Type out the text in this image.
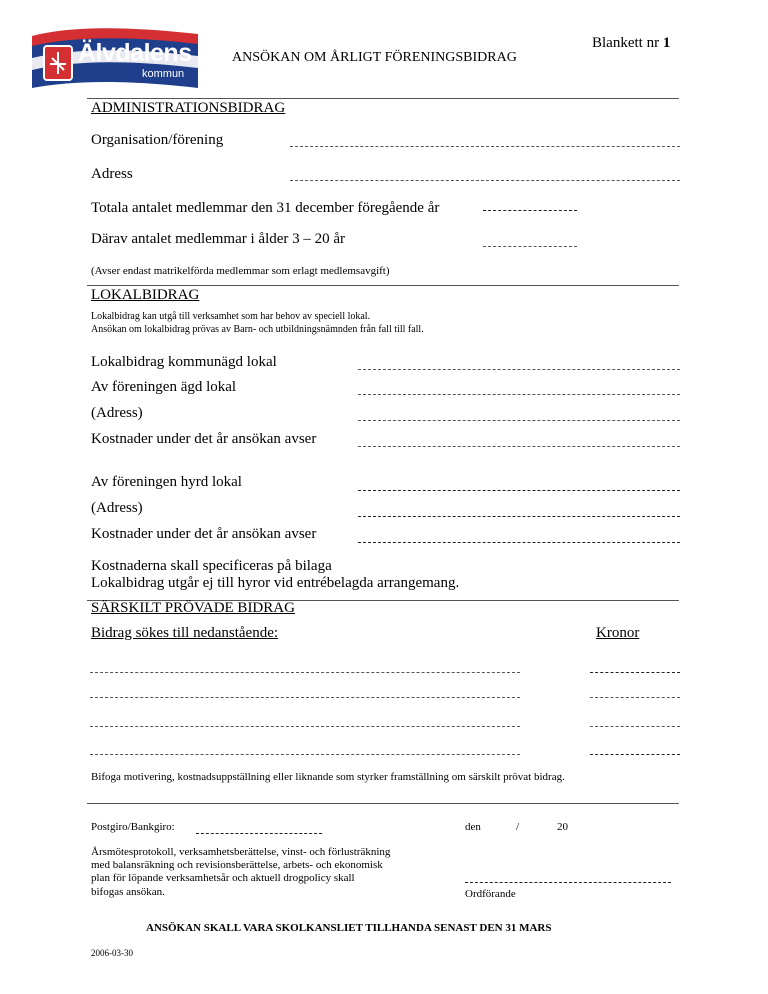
Älvdalens
kommun
ANSÖKAN OM ÅRLIGT FÖRENINGSBIDRAG
Blankett nr 1
ADMINISTRATIONSBIDRAG
Organisation/förening
Adress
Totala antalet medlemmar den 31 december föregående år
Därav antalet medlemmar i ålder 3 – 20 år
(Avser endast matrikelförda medlemmar som erlagt medlemsavgift)
LOKALBIDRAG
Lokalbidrag kan utgå till verksamhet som har behov av speciell lokal.
Ansökan om lokalbidrag prövas av Barn- och utbildningsnämnden från fall till fall.
Lokalbidrag kommunägd lokal
Av föreningen ägd lokal
(Adress)
Kostnader under det år ansökan avser
Av föreningen hyrd lokal
(Adress)
Kostnader under det år ansökan avser
Kostnaderna skall specificeras på bilaga
Lokalbidrag utgår ej till hyror vid entrébelagda arrangemang.
SÄRSKILT PRÖVADE BIDRAG
Bidrag sökes till nedanstående:	Kronor
Bifoga motivering, kostnadsuppställning eller liknande som styrker framställning om särskilt prövat bidrag.
Postgiro/Bankgiro:	den	/	20
Årsmötesprotokoll, verksamhetsberättelse, vinst- och förlusträkning
med balansräkning och revisionsberättelse, arbets- och ekonomisk
plan för löpande verksamhetsår och aktuell drogpolicy skall
bifogas ansökan.	Ordförande
ANSÖKAN SKALL VARA SKOLKANSLIET TILLHANDA SENAST DEN 31 MARS
2006-03-30
